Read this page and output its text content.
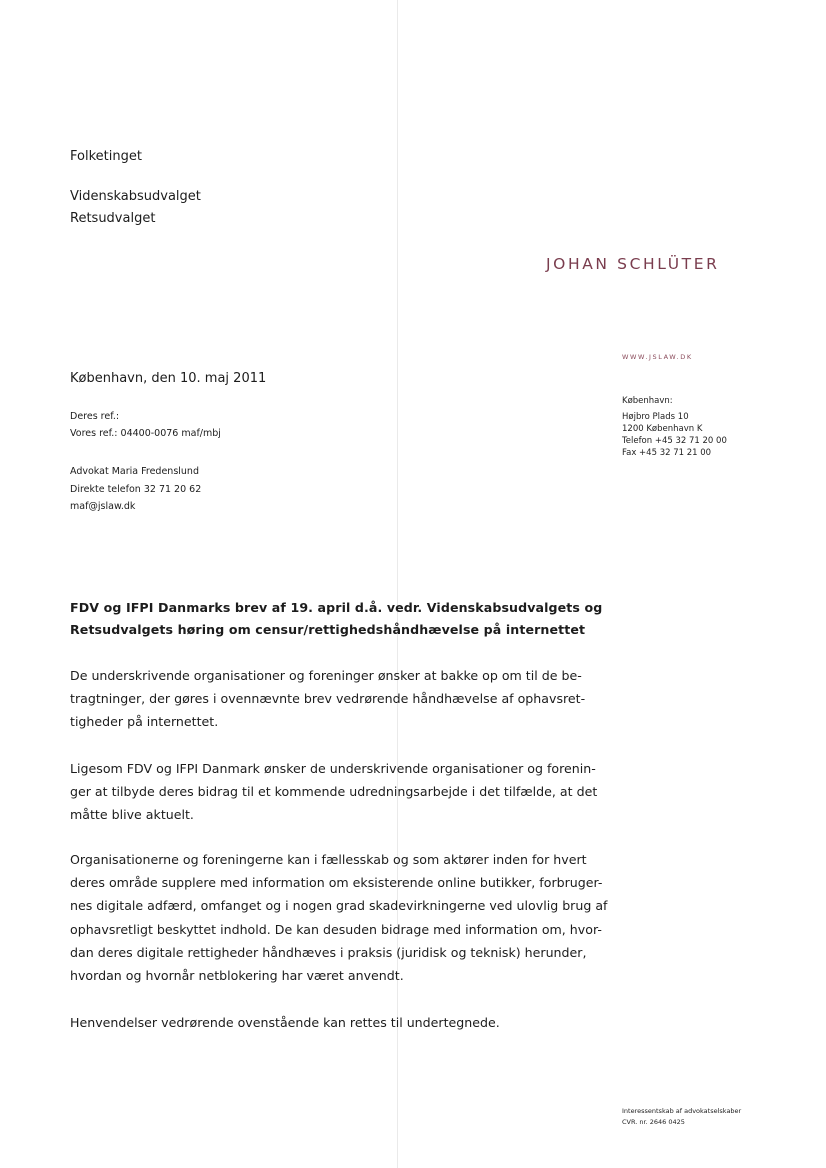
Folketinget
Videnskabsudvalget
Retsudvalget
JOHAN SCHLÜTER
WWW.JSLAW.DK
København:
Højbro Plads 10
1200 København K
Telefon +45 32 71 20 00
Fax +45 32 71 21 00
København, den 10. maj 2011
Deres ref.:
Vores ref.: 04400-0076 maf/mbj
Advokat Maria Fredenslund
Direkte telefon 32 71 20 62
maf@jslaw.dk
FDV og IFPI Danmarks brev af 19. april d.å. vedr. Videnskabsudvalgets og
Retsudvalgets høring om censur/rettighedshåndhævelse på internettet
De underskrivende organisationer og foreninger ønsker at bakke op om til de be-
tragtninger, der gøres i ovennævnte brev vedrørende håndhævelse af ophavsret-
tigheder på internettet.
Ligesom FDV og IFPI Danmark ønsker de underskrivende organisationer og forenin-
ger at tilbyde deres bidrag til et kommende udredningsarbejde i det tilfælde, at det
måtte blive aktuelt.
Organisationerne og foreningerne kan i fællesskab og som aktører inden for hvert
deres område supplere med information om eksisterende online butikker, forbruger-
nes digitale adfærd, omfanget og i nogen grad skadevirkningerne ved ulovlig brug af
ophavsretligt beskyttet indhold. De kan desuden bidrage med information om, hvor-
dan deres digitale rettigheder håndhæves i praksis (juridisk og teknisk) herunder,
hvordan og hvornår netblokering har været anvendt.
Henvendelser vedrørende ovenstående kan rettes til undertegnede.
Interessentskab af advokatselskaber
CVR. nr. 2646 0425
